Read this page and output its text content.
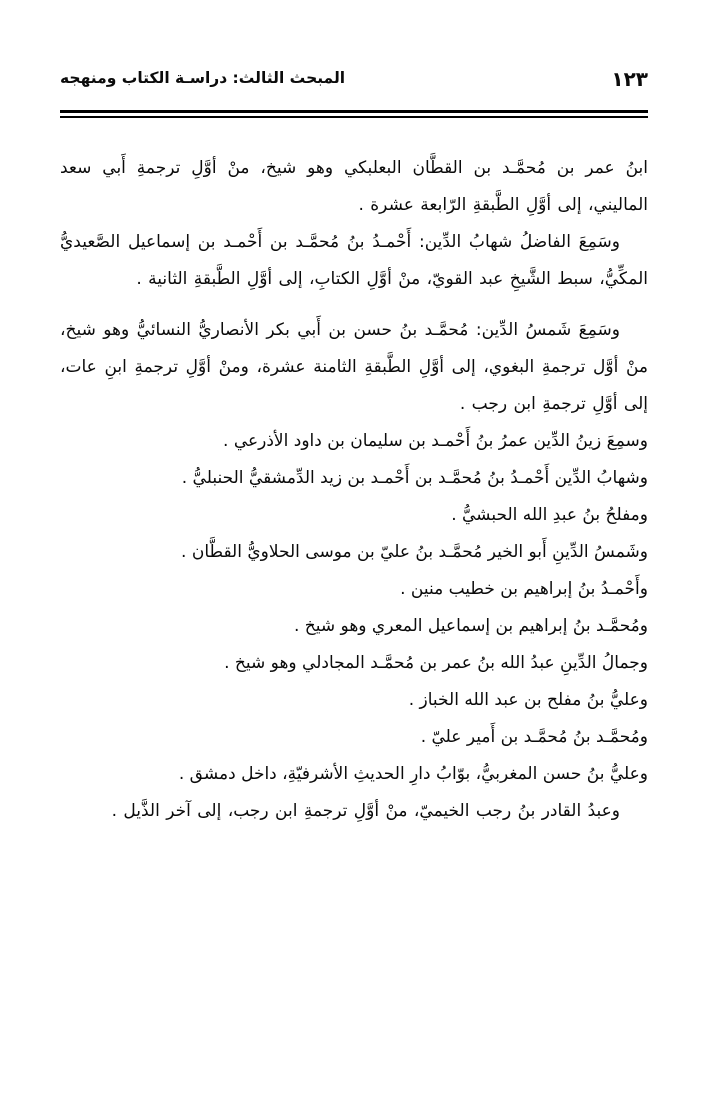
١٢٣
المبحث الثالث: دراسـة الكتاب ومنهجه

ابنُ عمر بن مُحمَّـد بن القطَّان البعلبكي وهو شيخ، منْ أوَّلِ ترجمةِ أَبي سعد الماليني، إلى أوَّلِ الطَّبقةِ الرّابعة عشرة .

وسَمِعَ الفاضلُ شهابُ الدِّين: أَحْمـدُ بنُ مُحمَّـد بن أَحْمـد بن إسماعيل الصَّعيديُّ المكِّيُّ، سبط الشَّيخِ عبد القويّ، منْ أوَّلِ الكتابِ، إلى أوَّلِ الطَّبقةِ الثانية .

وسَمِعَ شَمسُ الدِّين: مُحمَّـد بنُ حسن بن أَبي بكر الأنصاريُّ النسائيُّ وهو شيخ، منْ أوَّل ترجمةِ البغوي، إلى أوَّلِ الطَّبقةِ الثامنة عشرة، ومنْ أوَّلِ ترجمةِ ابنِ عات، إلى أوَّلِ ترجمةِ ابن رجب .

وسمِعَ زينُ الدِّين عمرُ بنُ أَحْمـد بن سليمان بن داود الأذرعي .
وشهابُ الدِّين أَحْمـدُ بنُ مُحمَّـد بن أَحْمـد بن زيد الدِّمشقيُّ الحنبليُّ .
ومفلحُ بنُ عبدِ الله الحبشيُّ .
وشَمسُ الدِّينِ أَبو الخير مُحمَّـد بنُ عليّ بن موسى الحلاويُّ القطَّان .
وأَحْمـدُ بنُ إبراهيم بن خطيب منين .
ومُحمَّـد بنُ إبراهيم بن إسماعيل المعري وهو شيخ .
وجمالُ الدِّينِ عبدُ الله بنُ عمر بن مُحمَّـد المجادلي وهو شيخ .
وعليُّ بنُ مفلح بن عبد الله الخباز .
ومُحمَّـد بنُ مُحمَّـد بن أَمير عليّ .
وعليُّ بنُ حسن المغربيُّ، بوّابُ دارِ الحديثِ الأشرفيّةِ، داخل دمشق .

وعبدُ القادر بنُ رجب الخيميّ، منْ أوَّلِ ترجمةِ ابن رجب، إلى آخر الذَّيل .
